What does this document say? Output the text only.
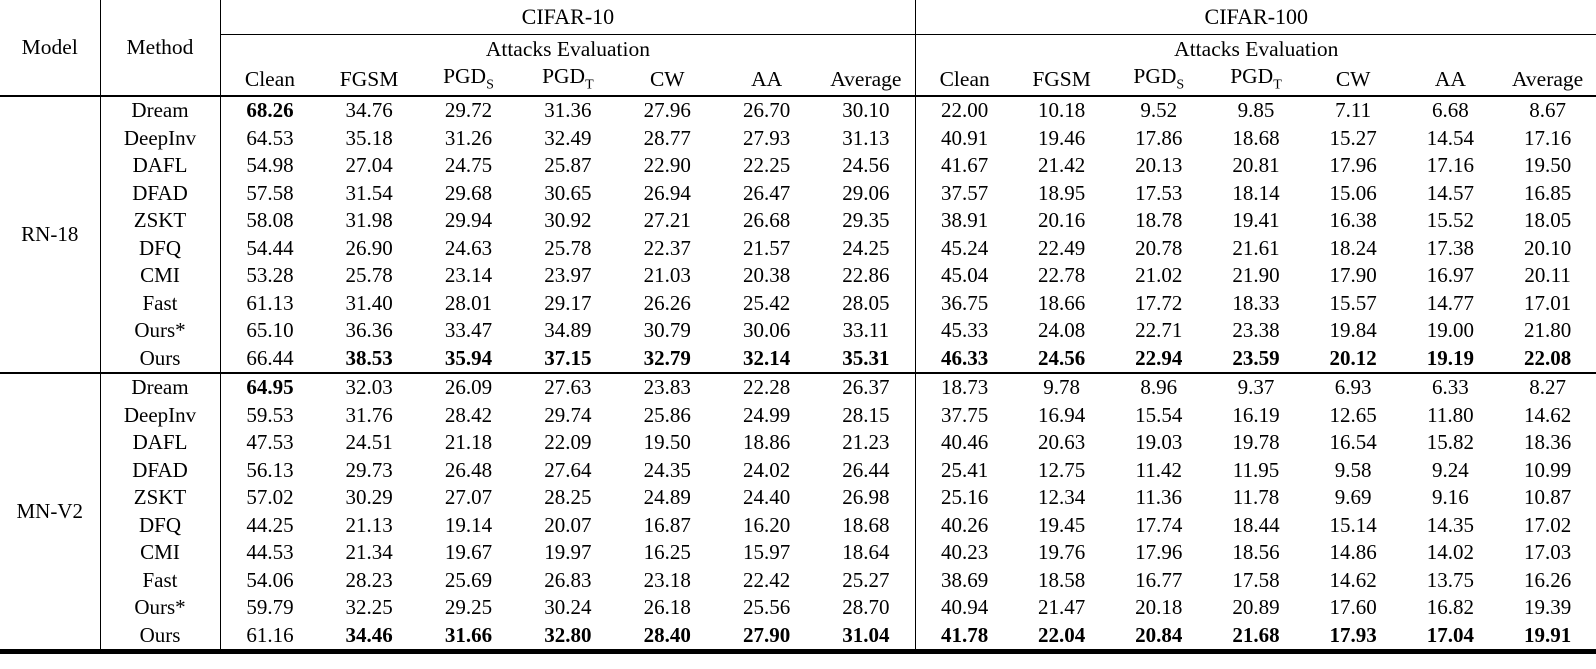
Model	Method	CIFAR-10							CIFAR-100						
		Attacks Evaluation							Attacks Evaluation						
		Clean	FGSM	$PGD_S$	$PGD_T$	CW	AA	Average	Clean	FGSM	$PGD_S$	$PGD_T$	CW	AA	Average
RN-18	Dream	68.26	34.76	29.72	31.36	27.96	26.70	30.10	22.00	10.18	9.52	9.85	7.11	6.68	8.67
	DeepInv	64.53	35.18	31.26	32.49	28.77	27.93	31.13	40.91	19.46	17.86	18.68	15.27	14.54	17.16
	DAFL	54.98	27.04	24.75	25.87	22.90	22.25	24.56	41.67	21.42	20.13	20.81	17.96	17.16	19.50
	DFAD	57.58	31.54	29.68	30.65	26.94	26.47	29.06	37.57	18.95	17.53	18.14	15.06	14.57	16.85
	ZSKT	58.08	31.98	29.94	30.92	27.21	26.68	29.35	38.91	20.16	18.78	19.41	16.38	15.52	18.05
	DFQ	54.44	26.90	24.63	25.78	22.37	21.57	24.25	45.24	22.49	20.78	21.61	18.24	17.38	20.10
	CMI	53.28	25.78	23.14	23.97	21.03	20.38	22.86	45.04	22.78	21.02	21.90	17.90	16.97	20.11
	Fast	61.13	31.40	28.01	29.17	26.26	25.42	28.05	36.75	18.66	17.72	18.33	15.57	14.77	17.01
	Ours*	65.10	36.36	33.47	34.89	30.79	30.06	33.11	45.33	24.08	22.71	23.38	19.84	19.00	21.80
	Ours	66.44	38.53	35.94	37.15	32.79	32.14	35.31	46.33	24.56	22.94	23.59	20.12	19.19	22.08
MN-V2	Dream	64.95	32.03	26.09	27.63	23.83	22.28	26.37	18.73	9.78	8.96	9.37	6.93	6.33	8.27
	DeepInv	59.53	31.76	28.42	29.74	25.86	24.99	28.15	37.75	16.94	15.54	16.19	12.65	11.80	14.62
	DAFL	47.53	24.51	21.18	22.09	19.50	18.86	21.23	40.46	20.63	19.03	19.78	16.54	15.82	18.36
	DFAD	56.13	29.73	26.48	27.64	24.35	24.02	26.44	25.41	12.75	11.42	11.95	9.58	9.24	10.99
	ZSKT	57.02	30.29	27.07	28.25	24.89	24.40	26.98	25.16	12.34	11.36	11.78	9.69	9.16	10.87
	DFQ	44.25	21.13	19.14	20.07	16.87	16.20	18.68	40.26	19.45	17.74	18.44	15.14	14.35	17.02
	CMI	44.53	21.34	19.67	19.97	16.25	15.97	18.64	40.23	19.76	17.96	18.56	14.86	14.02	17.03
	Fast	54.06	28.23	25.69	26.83	23.18	22.42	25.27	38.69	18.58	16.77	17.58	14.62	13.75	16.26
	Ours*	59.79	32.25	29.25	30.24	26.18	25.56	28.70	40.94	21.47	20.18	20.89	17.60	16.82	19.39
	Ours	61.16	34.46	31.66	32.80	28.40	27.90	31.04	41.78	22.04	20.84	21.68	17.93	17.04	19.91
